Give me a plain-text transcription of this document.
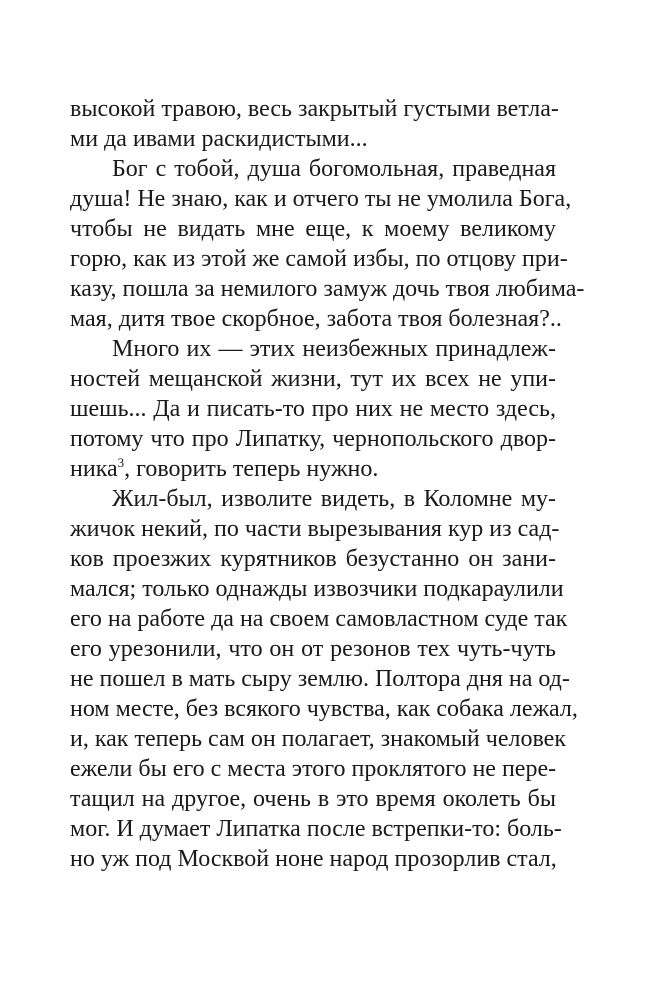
высокой травою, весь закрытый густыми ветла-
ми да ивами раскидистыми...
Бог с тобой, душа богомольная, праведная
душа! Не знаю, как и отчего ты не умолила Бога,
чтобы не видать мне еще, к моему великому
горю, как из этой же самой избы, по отцову при-
казу, пошла за немилого замуж дочь твоя любима-
мая, дитя твое скорбное, забота твоя болезная?..
Много их — этих неизбежных принадлеж-
ностей мещанской жизни, тут их всех не упи-
шешь... Да и писать-то про них не место здесь,
потому что про Липатку, чернопольского двор-
ника$^3$, говорить теперь нужно.
Жил-был, изволите видеть, в Коломне му-
жичок некий, по части вырезывания кур из сад-
ков проезжих курятников безустанно он зани-
мался; только однажды извозчики подкараулили
его на работе да на своем самовластном суде так
его урезонили, что он от резонов тех чуть-чуть
не пошел в мать сыру землю. Полтора дня на од-
ном месте, без всякого чувства, как собака лежал,
и, как теперь сам он полагает, знакомый человек
ежели бы его с места этого проклятого не пере-
тащил на другое, очень в это время околеть бы
мог. И думает Липатка после встрепки-то: боль-
но уж под Москвой ноне народ прозорлив стал,
